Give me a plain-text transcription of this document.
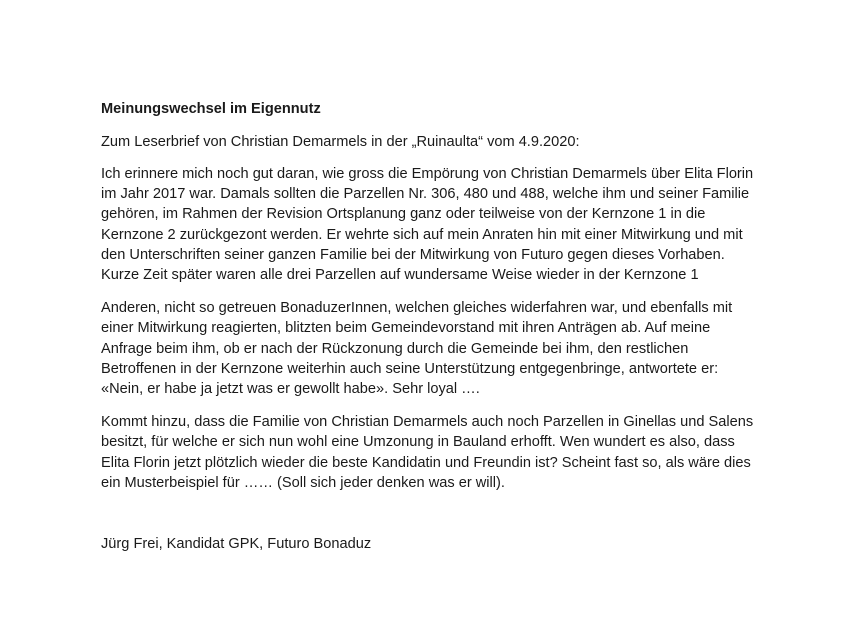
Meinungswechsel im Eigennutz
Zum Leserbrief von Christian Demarmels in der „Ruinaulta“ vom 4.9.2020:
Ich erinnere mich noch gut daran, wie gross die Empörung von Christian Demarmels über Elita Florin
im Jahr 2017 war. Damals sollten die Parzellen Nr. 306, 480 und 488, welche ihm und seiner Familie
gehören, im Rahmen der Revision Ortsplanung ganz oder teilweise von der Kernzone 1 in die
Kernzone 2 zurückgezont werden. Er wehrte sich auf mein Anraten hin mit einer Mitwirkung und mit
den Unterschriften seiner ganzen Familie bei der Mitwirkung von Futuro gegen dieses Vorhaben.
Kurze Zeit später waren alle drei Parzellen auf wundersame Weise wieder in der Kernzone 1
Anderen, nicht so getreuen BonaduzerInnen, welchen gleiches widerfahren war, und ebenfalls mit
einer Mitwirkung reagierten, blitzten beim Gemeindevorstand mit ihren Anträgen ab. Auf meine
Anfrage beim ihm, ob er nach der Rückzonung durch die Gemeinde bei ihm, den restlichen
Betroffenen in der Kernzone weiterhin auch seine Unterstützung entgegenbringe, antwortete er:
«Nein, er habe ja jetzt was er gewollt habe». Sehr loyal ….
Kommt hinzu, dass die Familie von Christian Demarmels auch noch Parzellen in Ginellas und Salens
besitzt, für welche er sich nun wohl eine Umzonung in Bauland erhofft. Wen wundert es also, dass
Elita Florin jetzt plötzlich wieder die beste Kandidatin und Freundin ist? Scheint fast so, als wäre dies
ein Musterbeispiel für …… (Soll sich jeder denken was er will).
Jürg Frei, Kandidat GPK, Futuro Bonaduz
